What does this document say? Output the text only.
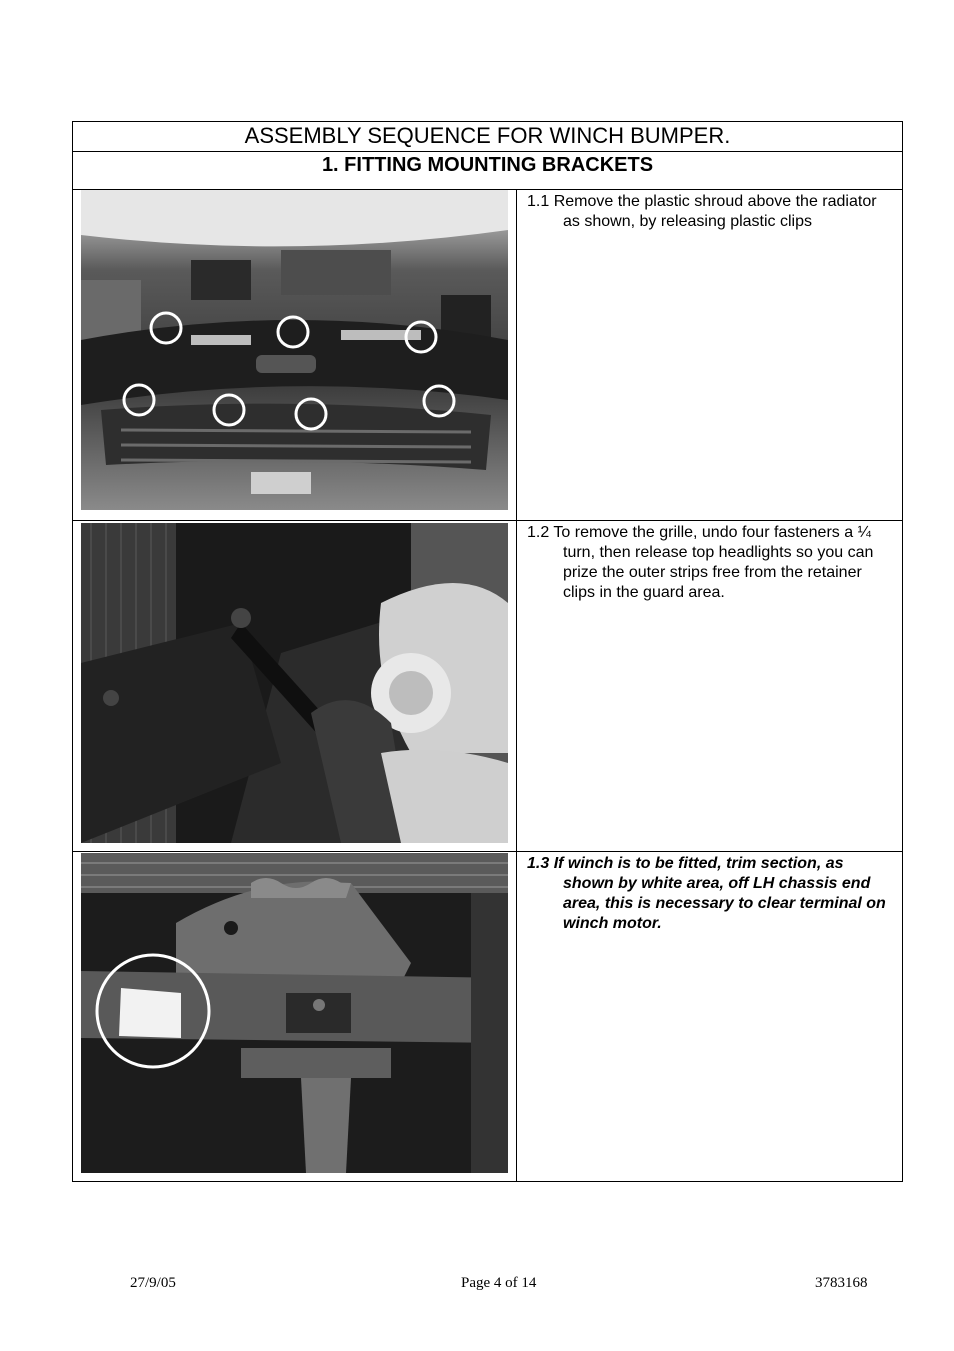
ASSEMBLY SEQUENCE FOR WINCH BUMPER.
1. FITTING MOUNTING BRACKETS
1.1 Remove the plastic shroud above the radiator as shown, by releasing plastic clips
1.2 To remove the grille, undo four fasteners a ¼ turn, then release top headlights so you can prize the outer strips free from the retainer clips in the guard area.
1.3 If winch is to be fitted, trim section, as shown by white area, off LH chassis end area, this is necessary to clear terminal on winch motor.
27/9/05	Page 4 of 14	3783168
